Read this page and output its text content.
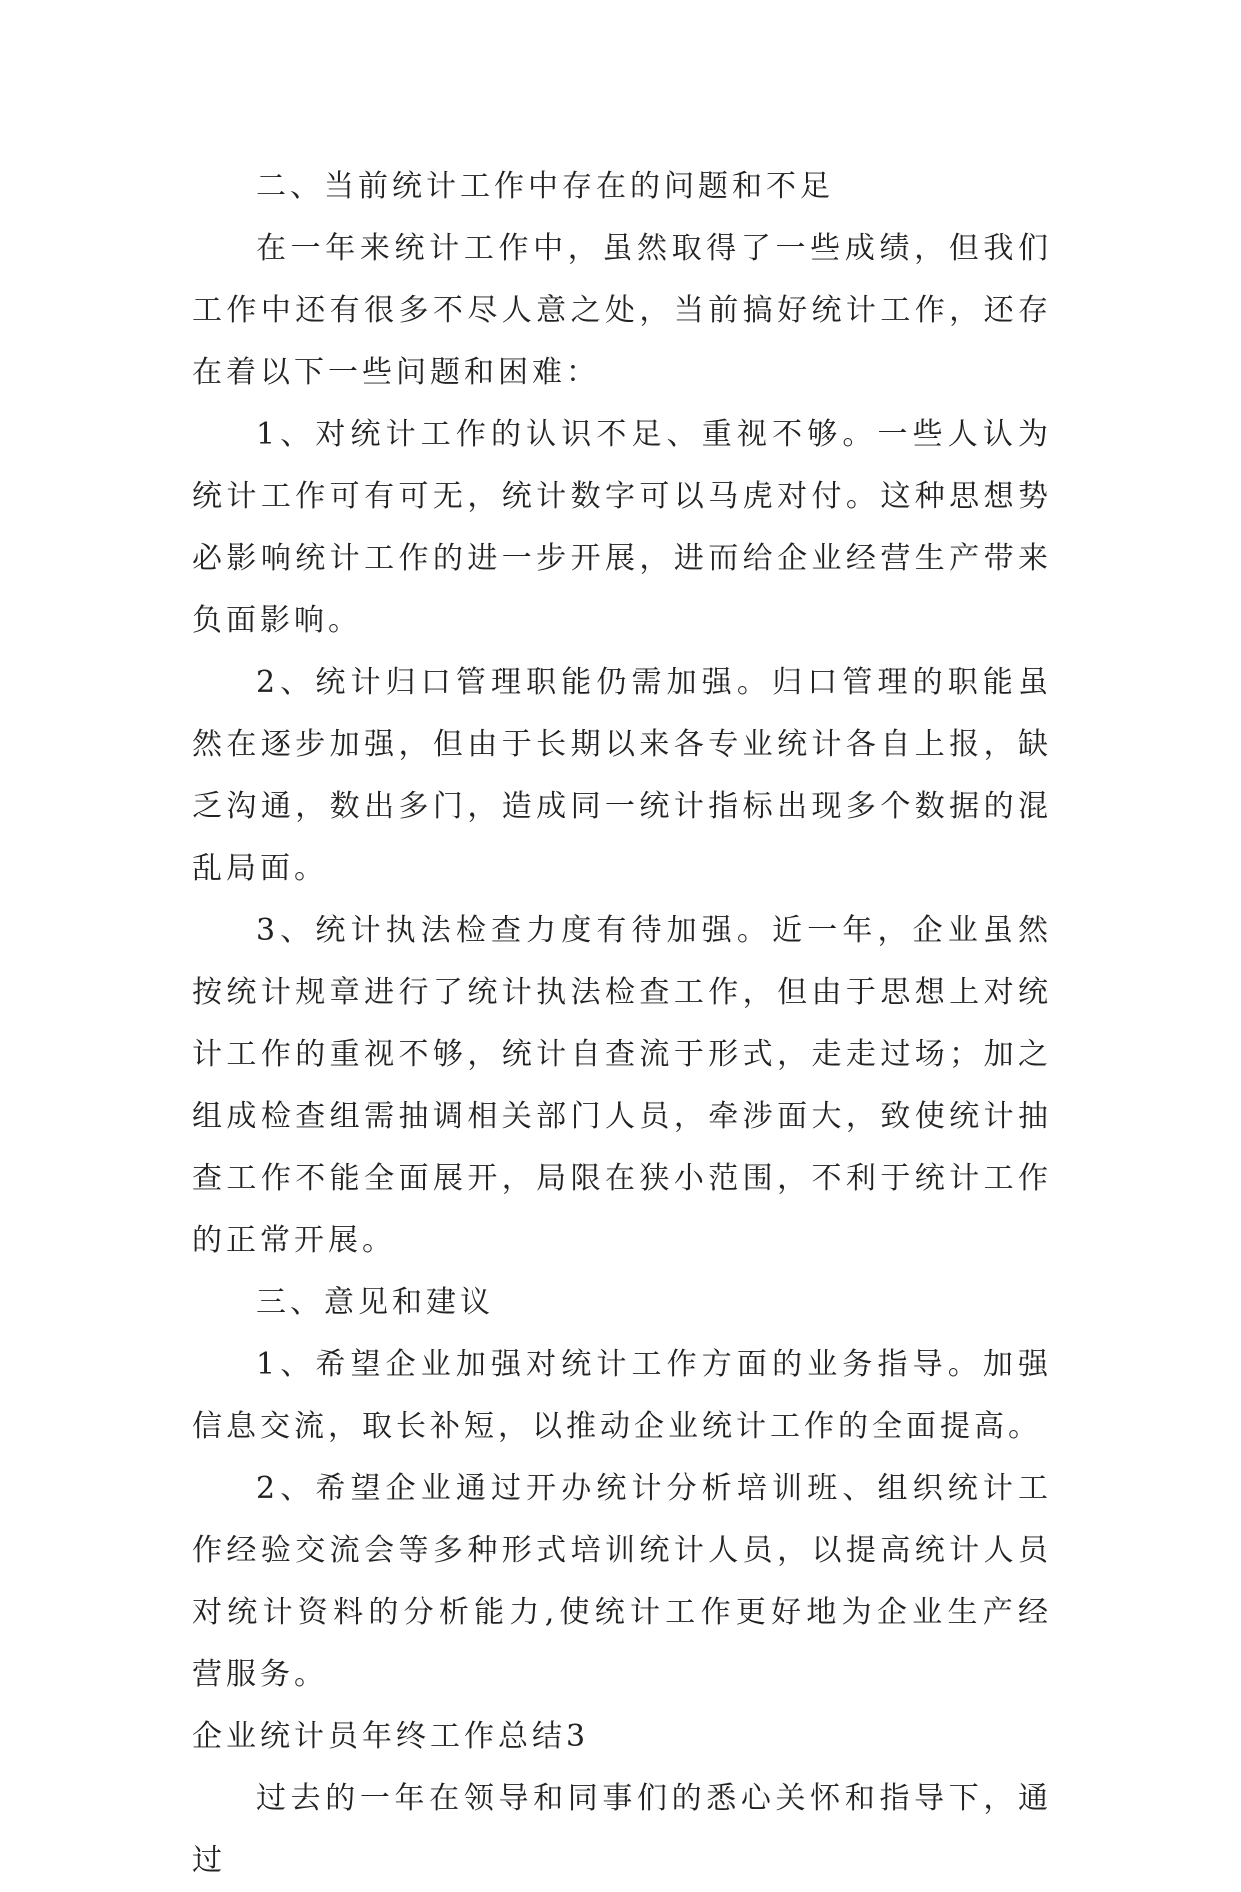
二、当前统计工作中存在的问题和不足

在一年来统计工作中，虽然取得了一些成绩，但我们工作中还有很多不尽人意之处，当前搞好统计工作，还存在着以下一些问题和困难：

1、对统计工作的认识不足、重视不够。一些人认为统计工作可有可无，统计数字可以马虎对付。这种思想势必影响统计工作的进一步开展，进而给企业经营生产带来负面影响。

2、统计归口管理职能仍需加强。归口管理的职能虽然在逐步加强，但由于长期以来各专业统计各自上报，缺乏沟通，数出多门，造成同一统计指标出现多个数据的混乱局面。

3、统计执法检查力度有待加强。近一年，企业虽然按统计规章进行了统计执法检查工作，但由于思想上对统计工作的重视不够，统计自查流于形式，走走过场；加之组成检查组需抽调相关部门人员，牵涉面大，致使统计抽查工作不能全面展开，局限在狭小范围，不利于统计工作的正常开展。

三、意见和建议

1、希望企业加强对统计工作方面的业务指导。加强信息交流，取长补短，以推动企业统计工作的全面提高。

2、希望企业通过开办统计分析培训班、组织统计工作经验交流会等多种形式培训统计人员，以提高统计人员对统计资料的分析能力,使统计工作更好地为企业生产经营服务。

企业统计员年终工作总结3

过去的一年在领导和同事们的悉心关怀和指导下，通过
